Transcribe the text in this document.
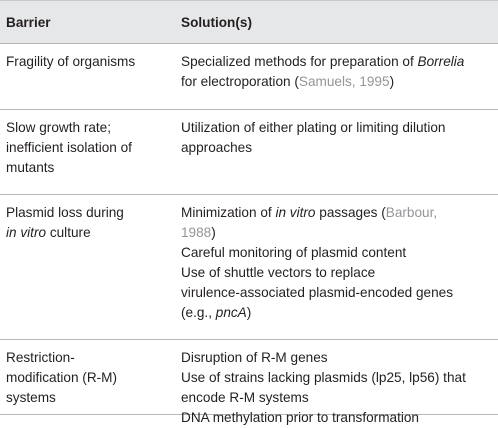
Barrier	Solution(s)
Fragility of organisms	Specialized methods for preparation of Borrelia
for electroporation (Samuels, 1995)
Slow growth rate;
inefficient isolation of
mutants
Utilization of either plating or limiting dilution
approaches
Plasmid loss during
in vitro culture
Minimization of in vitro passages (Barbour,
1988)
Careful monitoring of plasmid content
Use of shuttle vectors to replace
virulence-associated plasmid-encoded genes
(e.g., pncA)
Restriction-
modification (R-M)
systems
Disruption of R-M genes
Use of strains lacking plasmids (lp25, lp56) that
encode R-M systems
DNA methylation prior to transformation
